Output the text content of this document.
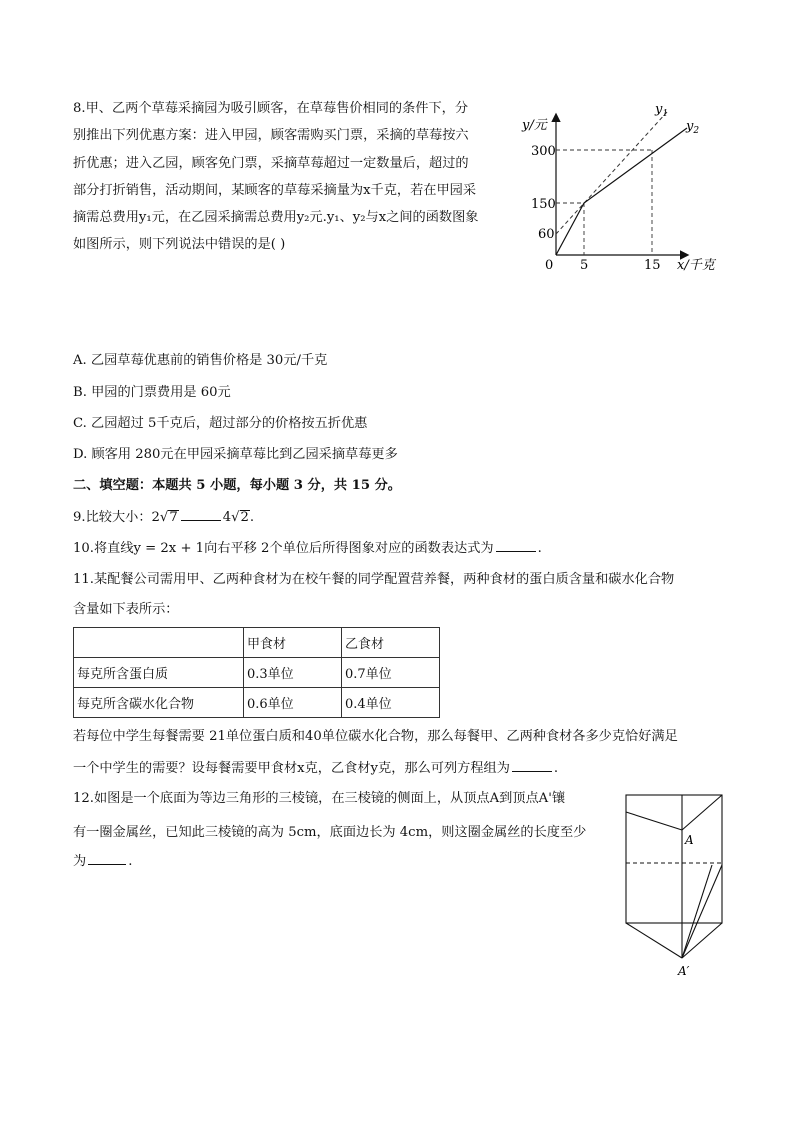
8.甲、乙两个草莓采摘园为吸引顾客，在草莓售价相同的条件下，分
别推出下列优惠方案：进入甲园，顾客需购买门票，采摘的草莓按六
折优惠；进入乙园，顾客免门票，采摘草莓超过一定数量后，超过的
部分打折销售，活动期间，某顾客的草莓采摘量为x千克，若在甲园采
摘需总费用y₁元，在乙园采摘需总费用y₂元.y₁、y₂与x之间的函数图象
如图所示，则下列说法中错误的是( )
y/元
x/千克
0 5	15
60
150
300
$y_1$
$y_2$
A. 乙园草莓优惠前的销售价格是 30元/千克
B. 甲园的门票费用是 60元
C. 乙园超过 5千克后，超过部分的价格按五折优惠
D. 顾客用 280元在甲园采摘草莓比到乙园采摘草莓更多
二、填空题：本题共 5 小题，每小题 3 分，共 15 分。
9.比较大小：2√7	4√2.
10.将直线y = 2x + 1向右平移 2个单位后所得图象对应的函数表达式为	.
11.某配餐公司需用甲、乙两种食材为在校午餐的同学配置营养餐，两种食材的蛋白质含量和碳水化合物
含量如下表所示：
	甲食材	乙食材
每克所含蛋白质	0.3单位	0.7单位
每克所含碳水化合物	0.6单位	0.4单位
若每位中学生每餐需要 21单位蛋白质和40单位碳水化合物，那么每餐甲、乙两种食材各多少克恰好满足
一个中学生的需要？设每餐需要甲食材x克，乙食材y克，那么可列方程组为	.
12.如图是一个底面为等边三角形的三棱镜，在三棱镜的侧面上，从顶点A到顶点A'镶
有一圈金属丝，已知此三棱镜的高为 5cm，底面边长为 4cm，则这圈金属丝的长度至少
为	.
A
A′
